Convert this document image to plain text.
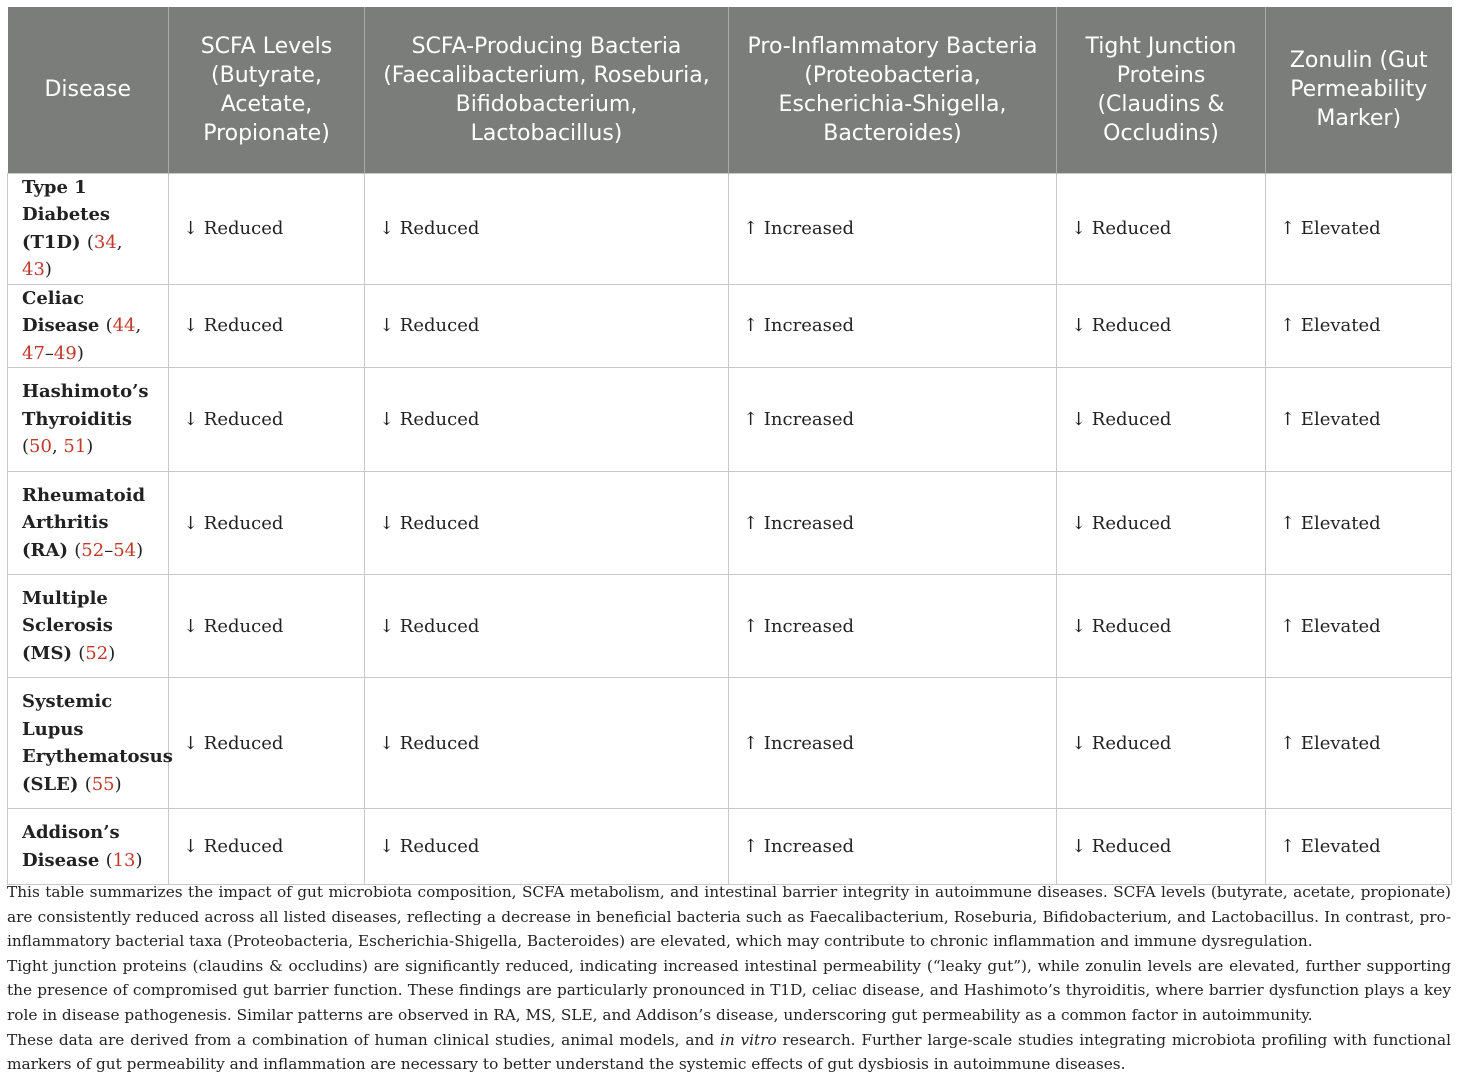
Disease	SCFA Levels (Butyrate, Acetate, Propionate)	SCFA-Producing Bacteria (Faecalibacterium, Roseburia, Bifidobacterium, Lactobacillus)	Pro-Inflammatory Bacteria (Proteobacteria, Escherichia-Shigella, Bacteroides)	Tight Junction Proteins (Claudins & Occludins)	Zonulin (Gut Permeability Marker)
Type 1 Diabetes (T1D) (34, 43)	↓ Reduced	↓ Reduced	↑ Increased	↓ Reduced	↑ Elevated
Celiac Disease (44, 47–49)	↓ Reduced	↓ Reduced	↑ Increased	↓ Reduced	↑ Elevated
Hashimoto’s Thyroiditis (50, 51)	↓ Reduced	↓ Reduced	↑ Increased	↓ Reduced	↑ Elevated
Rheumatoid Arthritis (RA) (52–54)	↓ Reduced	↓ Reduced	↑ Increased	↓ Reduced	↑ Elevated
Multiple Sclerosis (MS) (52)	↓ Reduced	↓ Reduced	↑ Increased	↓ Reduced	↑ Elevated
Systemic Lupus Erythematosus (SLE) (55)	↓ Reduced	↓ Reduced	↑ Increased	↓ Reduced	↑ Elevated
Addison’s Disease (13)	↓ Reduced	↓ Reduced	↑ Increased	↓ Reduced	↑ Elevated

This table summarizes the impact of gut microbiota composition, SCFA metabolism, and intestinal barrier integrity in autoimmune diseases. SCFA levels (butyrate, acetate, propionate) are consistently reduced across all listed diseases, reflecting a decrease in beneficial bacteria such as Faecalibacterium, Roseburia, Bifidobacterium, and Lactobacillus. In contrast, pro-inflammatory bacterial taxa (Proteobacteria, Escherichia-Shigella, Bacteroides) are elevated, which may contribute to chronic inflammation and immune dysregulation.

Tight junction proteins (claudins & occludins) are significantly reduced, indicating increased intestinal permeability (“leaky gut”), while zonulin levels are elevated, further supporting the presence of compromised gut barrier function. These findings are particularly pronounced in T1D, celiac disease, and Hashimoto’s thyroiditis, where barrier dysfunction plays a key role in disease pathogenesis. Similar patterns are observed in RA, MS, SLE, and Addison’s disease, underscoring gut permeability as a common factor in autoimmunity.

These data are derived from a combination of human clinical studies, animal models, and in vitro research. Further large-scale studies integrating microbiota profiling with functional markers of gut permeability and inflammation are necessary to better understand the systemic effects of gut dysbiosis in autoimmune diseases.
